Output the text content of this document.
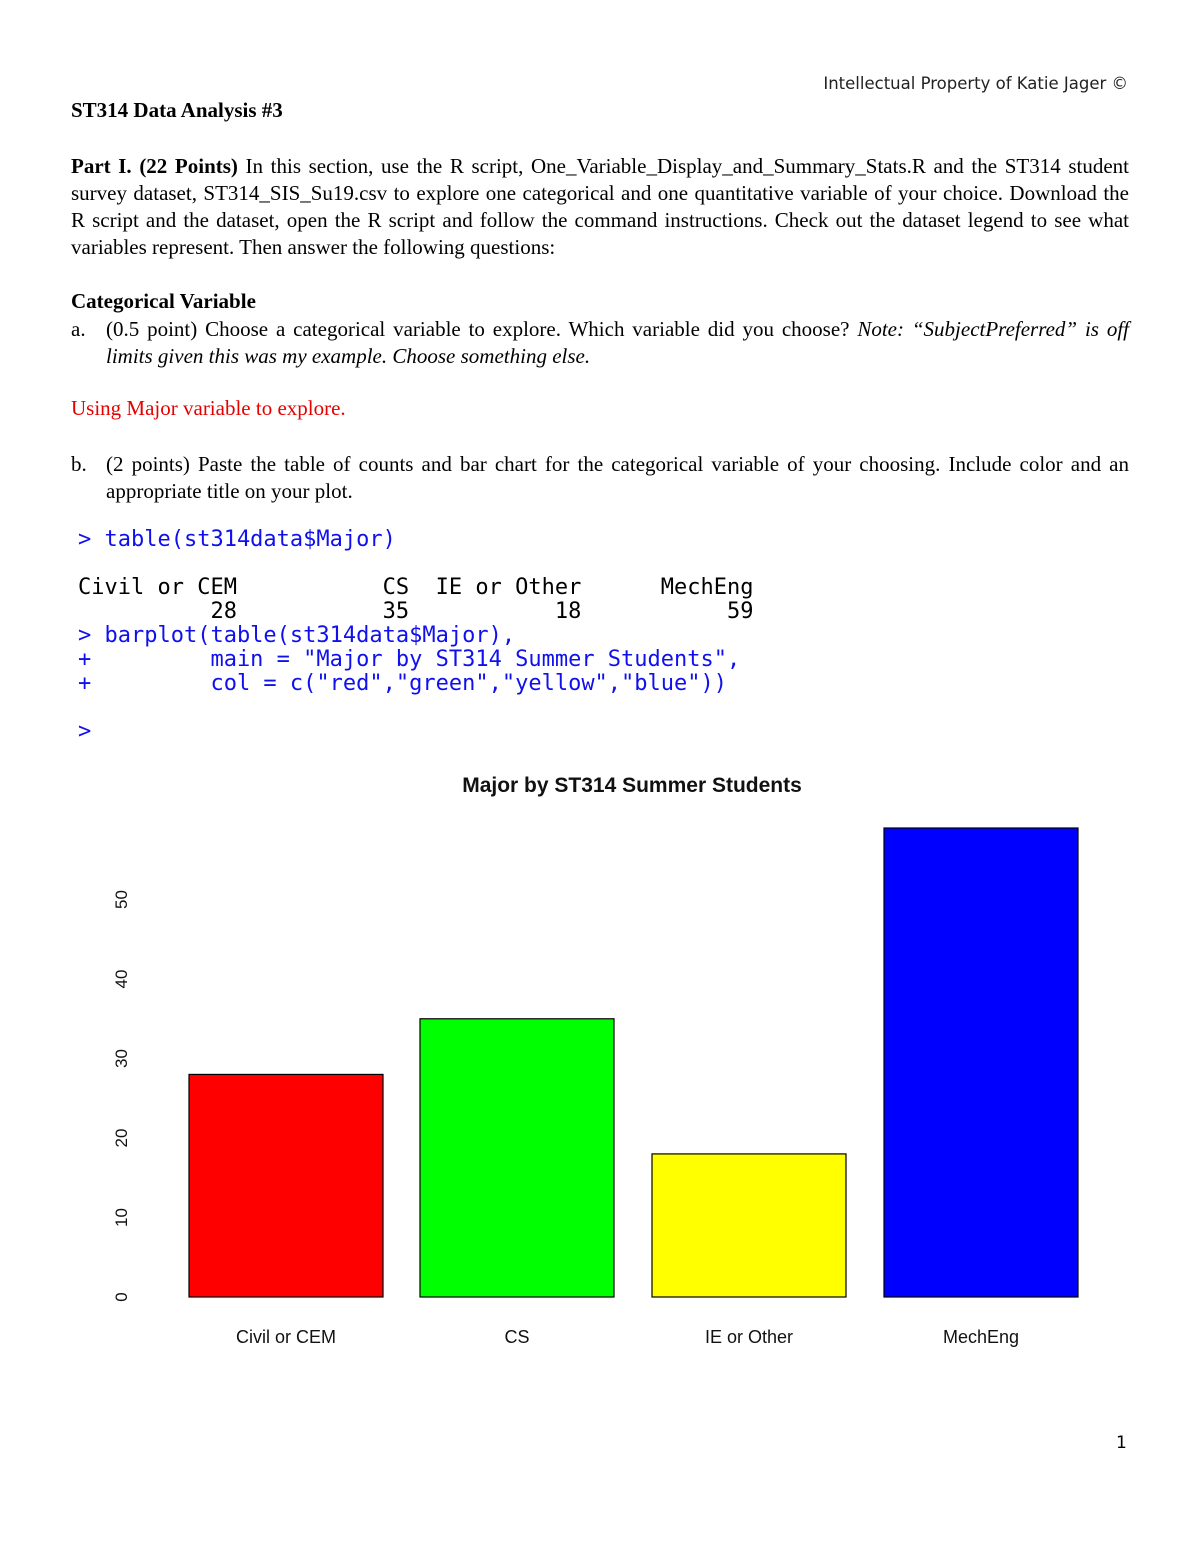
Intellectual Property of Katie Jager ©
ST314 Data Analysis #3

Part I. (22 Points) In this section, use the R script, One_Variable_Display_and_Summary_Stats.R and the ST314 student survey dataset, ST314_SIS_Su19.csv to explore one categorical and one quantitative variable of your choice. Download the R script and the dataset, open the R script and follow the command instructions. Check out the dataset legend to see what variables represent. Then answer the following questions:

Categorical Variable
a. (0.5 point) Choose a categorical variable to explore. Which variable did you choose? Note: “SubjectPreferred” is off limits given this was my example. Choose something else.

Using Major variable to explore.

b. (2 points) Paste the table of counts and bar chart for the categorical variable of your choosing. Include color and an appropriate title on your plot.
> table(st314data$Major)
Civil or CEM           CS  IE or Other      MechEng
28           35           18           59
> barplot(table(st314data$Major),
+         main = "Major by ST314 Summer Students",
+         col = c("red","green","yellow","blue"))
>
Major by ST314 Summer Students
0
10
20
30
40
50
Civil or CEM	CS	IE or Other	MechEng
1
